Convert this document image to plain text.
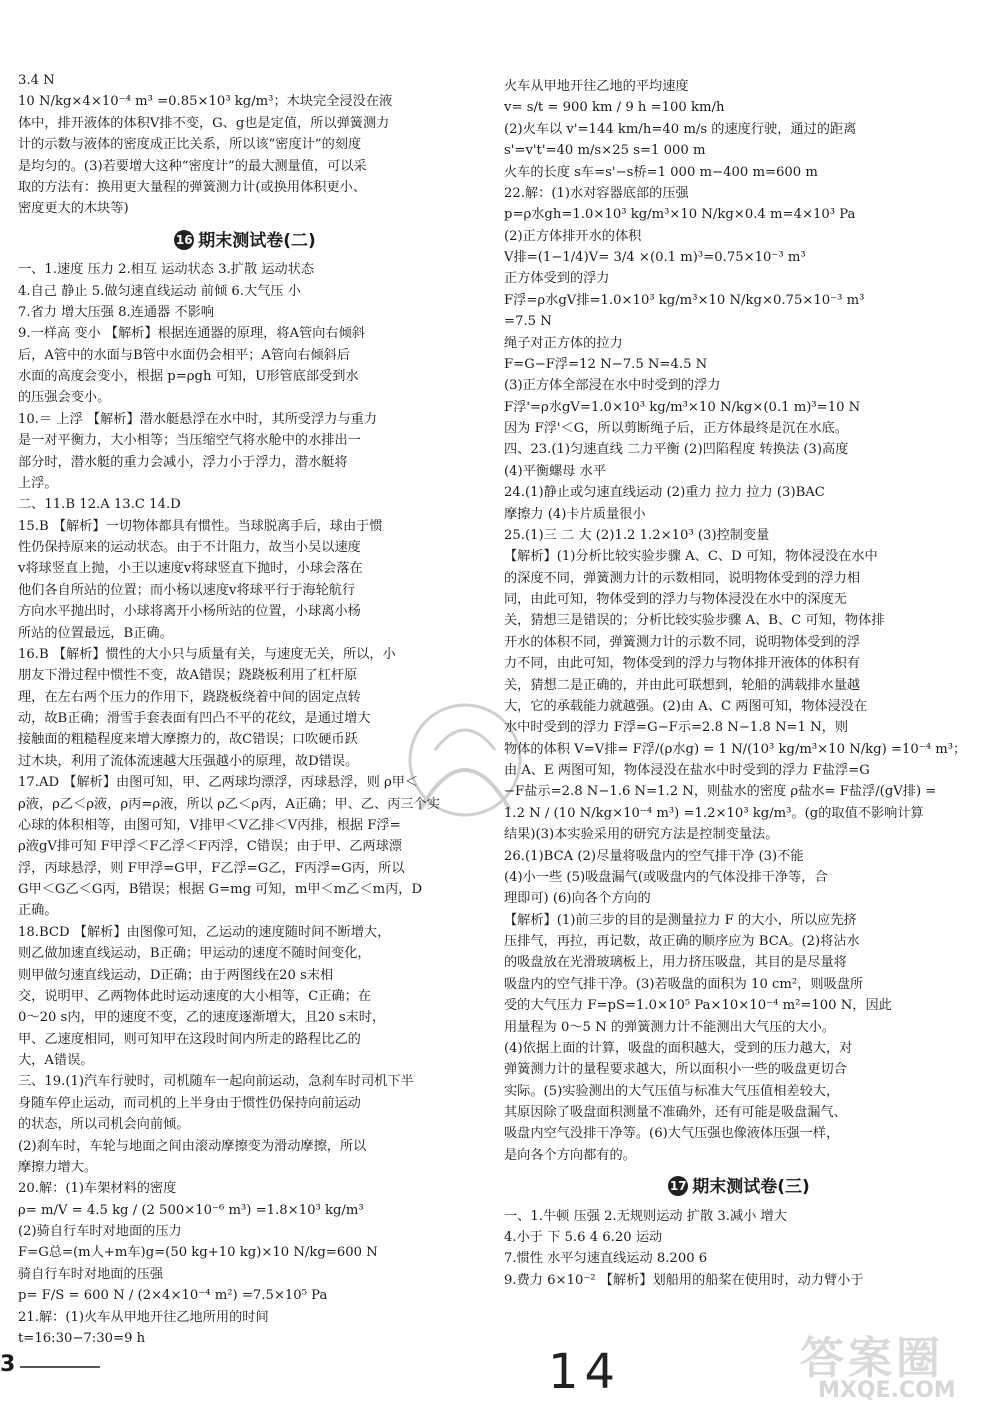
3.4 N
10 N/kg×4×10⁻⁴ m³ =0.85×10³ kg/m³；木块完全浸没在液
体中，排开液体的体积V排不变，G、g也是定值，所以弹簧测力
计的示数与液体的密度成正比关系，所以该“密度计”的刻度
是均匀的。(3)若要增大这种“密度计”的最大测量值，可以采
取的方法有：换用更大量程的弹簧测力计(或换用体积更小、
密度更大的木块等)
16 期末测试卷(二)
一、1.速度 压力 2.相互 运动状态 3.扩散 运动状态
4.自己 静止 5.做匀速直线运动 前倾 6.大气压 小
7.省力 增大压强 8.连通器 不影响
9.一样高 变小 【解析】根据连通器的原理，将A管向右倾斜
后，A管中的水面与B管中水面仍会相平；A管向右倾斜后
水面的高度会变小，根据 p=ρgh 可知，U形管底部受到水
的压强会变小。
10.＝ 上浮 【解析】潜水艇悬浮在水中时，其所受浮力与重力
是一对平衡力，大小相等；当压缩空气将水舱中的水排出一
部分时，潜水艇的重力会减小，浮力小于浮力，潜水艇将
上浮。
二、11.B 12.A 13.C 14.D
15.B 【解析】一切物体都具有惯性。当球脱离手后，球由于惯
性仍保持原来的运动状态。由于不计阻力，故当小吴以速度
v将球竖直上抛，小王以速度v将球竖直下抛时，小球会落在
他们各自所站的位置；而小杨以速度v将球平行于海轮航行
方向水平抛出时，小球将离开小杨所站的位置，小球离小杨
所站的位置最远，B正确。
16.B 【解析】惯性的大小只与质量有关，与速度无关，所以，小
朋友下滑过程中惯性不变，故A错误；跷跷板利用了杠杆原
理，在左右两个压力的作用下，跷跷板绕着中间的固定点转
动，故B正确；滑雪手套表面有凹凸不平的花纹，是通过增大
接触面的粗糙程度来增大摩擦力的，故C错误；口吹硬币跃
过木块，利用了流体流速越大压强越小的原理，故D错误。
17.AD 【解析】由图可知，甲、乙两球均漂浮，丙球悬浮，则 ρ甲＜
ρ液，ρ乙＜ρ液，ρ丙=ρ液，所以 ρ乙＜ρ丙，A正确；甲、乙、丙三个实
心球的体积相等，由图可知，V排甲＜V乙排＜V丙排，根据 F浮=
ρ液gV排可知 F甲浮＜F乙浮＜F丙浮，C错误；由于甲、乙两球漂
浮，丙球悬浮，则 F甲浮=G甲，F乙浮=G乙，F丙浮=G丙，所以
G甲＜G乙＜G丙，B错误；根据 G=mg 可知，m甲＜m乙＜m丙，D
正确。
18.BCD 【解析】由图像可知，乙运动的速度随时间不断增大，
则乙做加速直线运动，B正确；甲运动的速度不随时间变化，
则甲做匀速直线运动，D正确；由于两图线在20 s末相
交，说明甲、乙两物体此时运动速度的大小相等，C正确；在
0～20 s内，甲的速度不变，乙的速度逐渐增大，且20 s末时，
甲、乙速度相同，则可知甲在这段时间内所走的路程比乙的
大，A错误。
三、19.(1)汽车行驶时，司机随车一起向前运动，急刹车时司机下半
身随车停止运动，而司机的上半身由于惯性仍保持向前运动
的状态，所以司机会向前倾。
(2)刹车时，车轮与地面之间由滚动摩擦变为滑动摩擦，所以
摩擦力增大。
20.解：(1)车架材料的密度
ρ= m/V = 4.5 kg / (2 500×10⁻⁶ m³) =1.8×10³ kg/m³
(2)骑自行车时对地面的压力
F=G总=(m人+m车)g=(50 kg+10 kg)×10 N/kg=600 N
骑自行车时对地面的压强
p= F/S = 600 N / (2×4×10⁻⁴ m²) =7.5×10⁵ Pa
21.解：(1)火车从甲地开往乙地所用的时间
t=16:30−7:30=9 h
火车从甲地开往乙地的平均速度
v= s/t = 900 km / 9 h =100 km/h
(2)火车以 v'=144 km/h=40 m/s 的速度行驶，通过的距离
s'=v't'=40 m/s×25 s=1 000 m
火车的长度 s车=s'−s桥=1 000 m−400 m=600 m
22.解：(1)水对容器底部的压强
p=ρ水gh=1.0×10³ kg/m³×10 N/kg×0.4 m=4×10³ Pa
(2)正方体排开水的体积
V排=(1−1/4)V= 3/4 ×(0.1 m)³=0.75×10⁻³ m³
正方体受到的浮力
F浮=ρ水gV排=1.0×10³ kg/m³×10 N/kg×0.75×10⁻³ m³
=7.5 N
绳子对正方体的拉力
F=G−F浮=12 N−7.5 N=4.5 N
(3)正方体全部浸在水中时受到的浮力
F浮'=ρ水gV=1.0×10³ kg/m³×10 N/kg×(0.1 m)³=10 N
因为 F浮'＜G，所以剪断绳子后，正方体最终是沉在水底。
四、23.(1)匀速直线 二力平衡 (2)凹陷程度 转换法 (3)高度
(4)平衡螺母 水平
24.(1)静止或匀速直线运动 (2)重力 拉力 拉力 (3)BAC
摩擦力 (4)卡片质量很小
25.(1)三 二 大 (2)1.2 1.2×10³ (3)控制变量
【解析】(1)分析比较实验步骤 A、C、D 可知，物体浸没在水中
的深度不同，弹簧测力计的示数相同，说明物体受到的浮力相
同，由此可知，物体受到的浮力与物体浸没在水中的深度无
关，猜想三是错误的；分析比较实验步骤 A、B、C 可知，物体排
开水的体积不同，弹簧测力计的示数不同，说明物体受到的浮
力不同，由此可知，物体受到的浮力与物体排开液体的体积有
关，猜想二是正确的，并由此可联想到，轮船的满载排水量越
大，它的承载能力就越强。(2)由 A、C 两图可知，物体浸没在
水中时受到的浮力 F浮=G−F示=2.8 N−1.8 N=1 N，则
物体的体积 V=V排= F浮/(ρ水g) = 1 N/(10³ kg/m³×10 N/kg) =10⁻⁴ m³；
由 A、E 两图可知，物体浸没在盐水中时受到的浮力 F盐浮=G
−F盐示=2.8 N−1.6 N=1.2 N，则盐水的密度 ρ盐水= F盐浮/(gV排) =
1.2 N / (10 N/kg×10⁻⁴ m³) =1.2×10³ kg/m³。(g的取值不影响计算
结果)(3)本实验采用的研究方法是控制变量法。
26.(1)BCA (2)尽量将吸盘内的空气排干净 (3)不能
(4)小一些 (5)吸盘漏气(或吸盘内的气体没排干净等，合
理即可) (6)向各个方向的
【解析】(1)前三步的目的是测量拉力 F 的大小，所以应先挤
压排气，再拉，再记数，故正确的顺序应为 BCA。(2)将沾水
的吸盘放在光滑玻璃板上，用力挤压吸盘，其目的是尽量将
吸盘内的空气排干净。(3)若吸盘的面积为 10 cm²，则吸盘所
受的大气压力 F=pS=1.0×10⁵ Pa×10×10⁻⁴ m²=100 N，因此
用量程为 0～5 N 的弹簧测力计不能测出大气压的大小。
(4)依据上面的计算，吸盘的面积越大，受到的压力越大，对
弹簧测力计的量程要求越大，所以面积小一些的吸盘更切合
实际。(5)实验测出的大气压值与标准大气压值相差较大，
其原因除了吸盘面积测量不准确外，还有可能是吸盘漏气、
吸盘内空气没排干净等。(6)大气压强也像液体压强一样，
是向各个方向都有的。
17 期末测试卷(三)
一、1.牛顿 压强 2.无规则运动 扩散 3.减小 增大
4.小于 下 5.6 4 6.20 运动
7.惯性 水平匀速直线运动 8.200 6
9.费力 6×10⁻² 【解析】划船用的船桨在使用时，动力臂小于
3	14	答案圈
MXQE.COM
